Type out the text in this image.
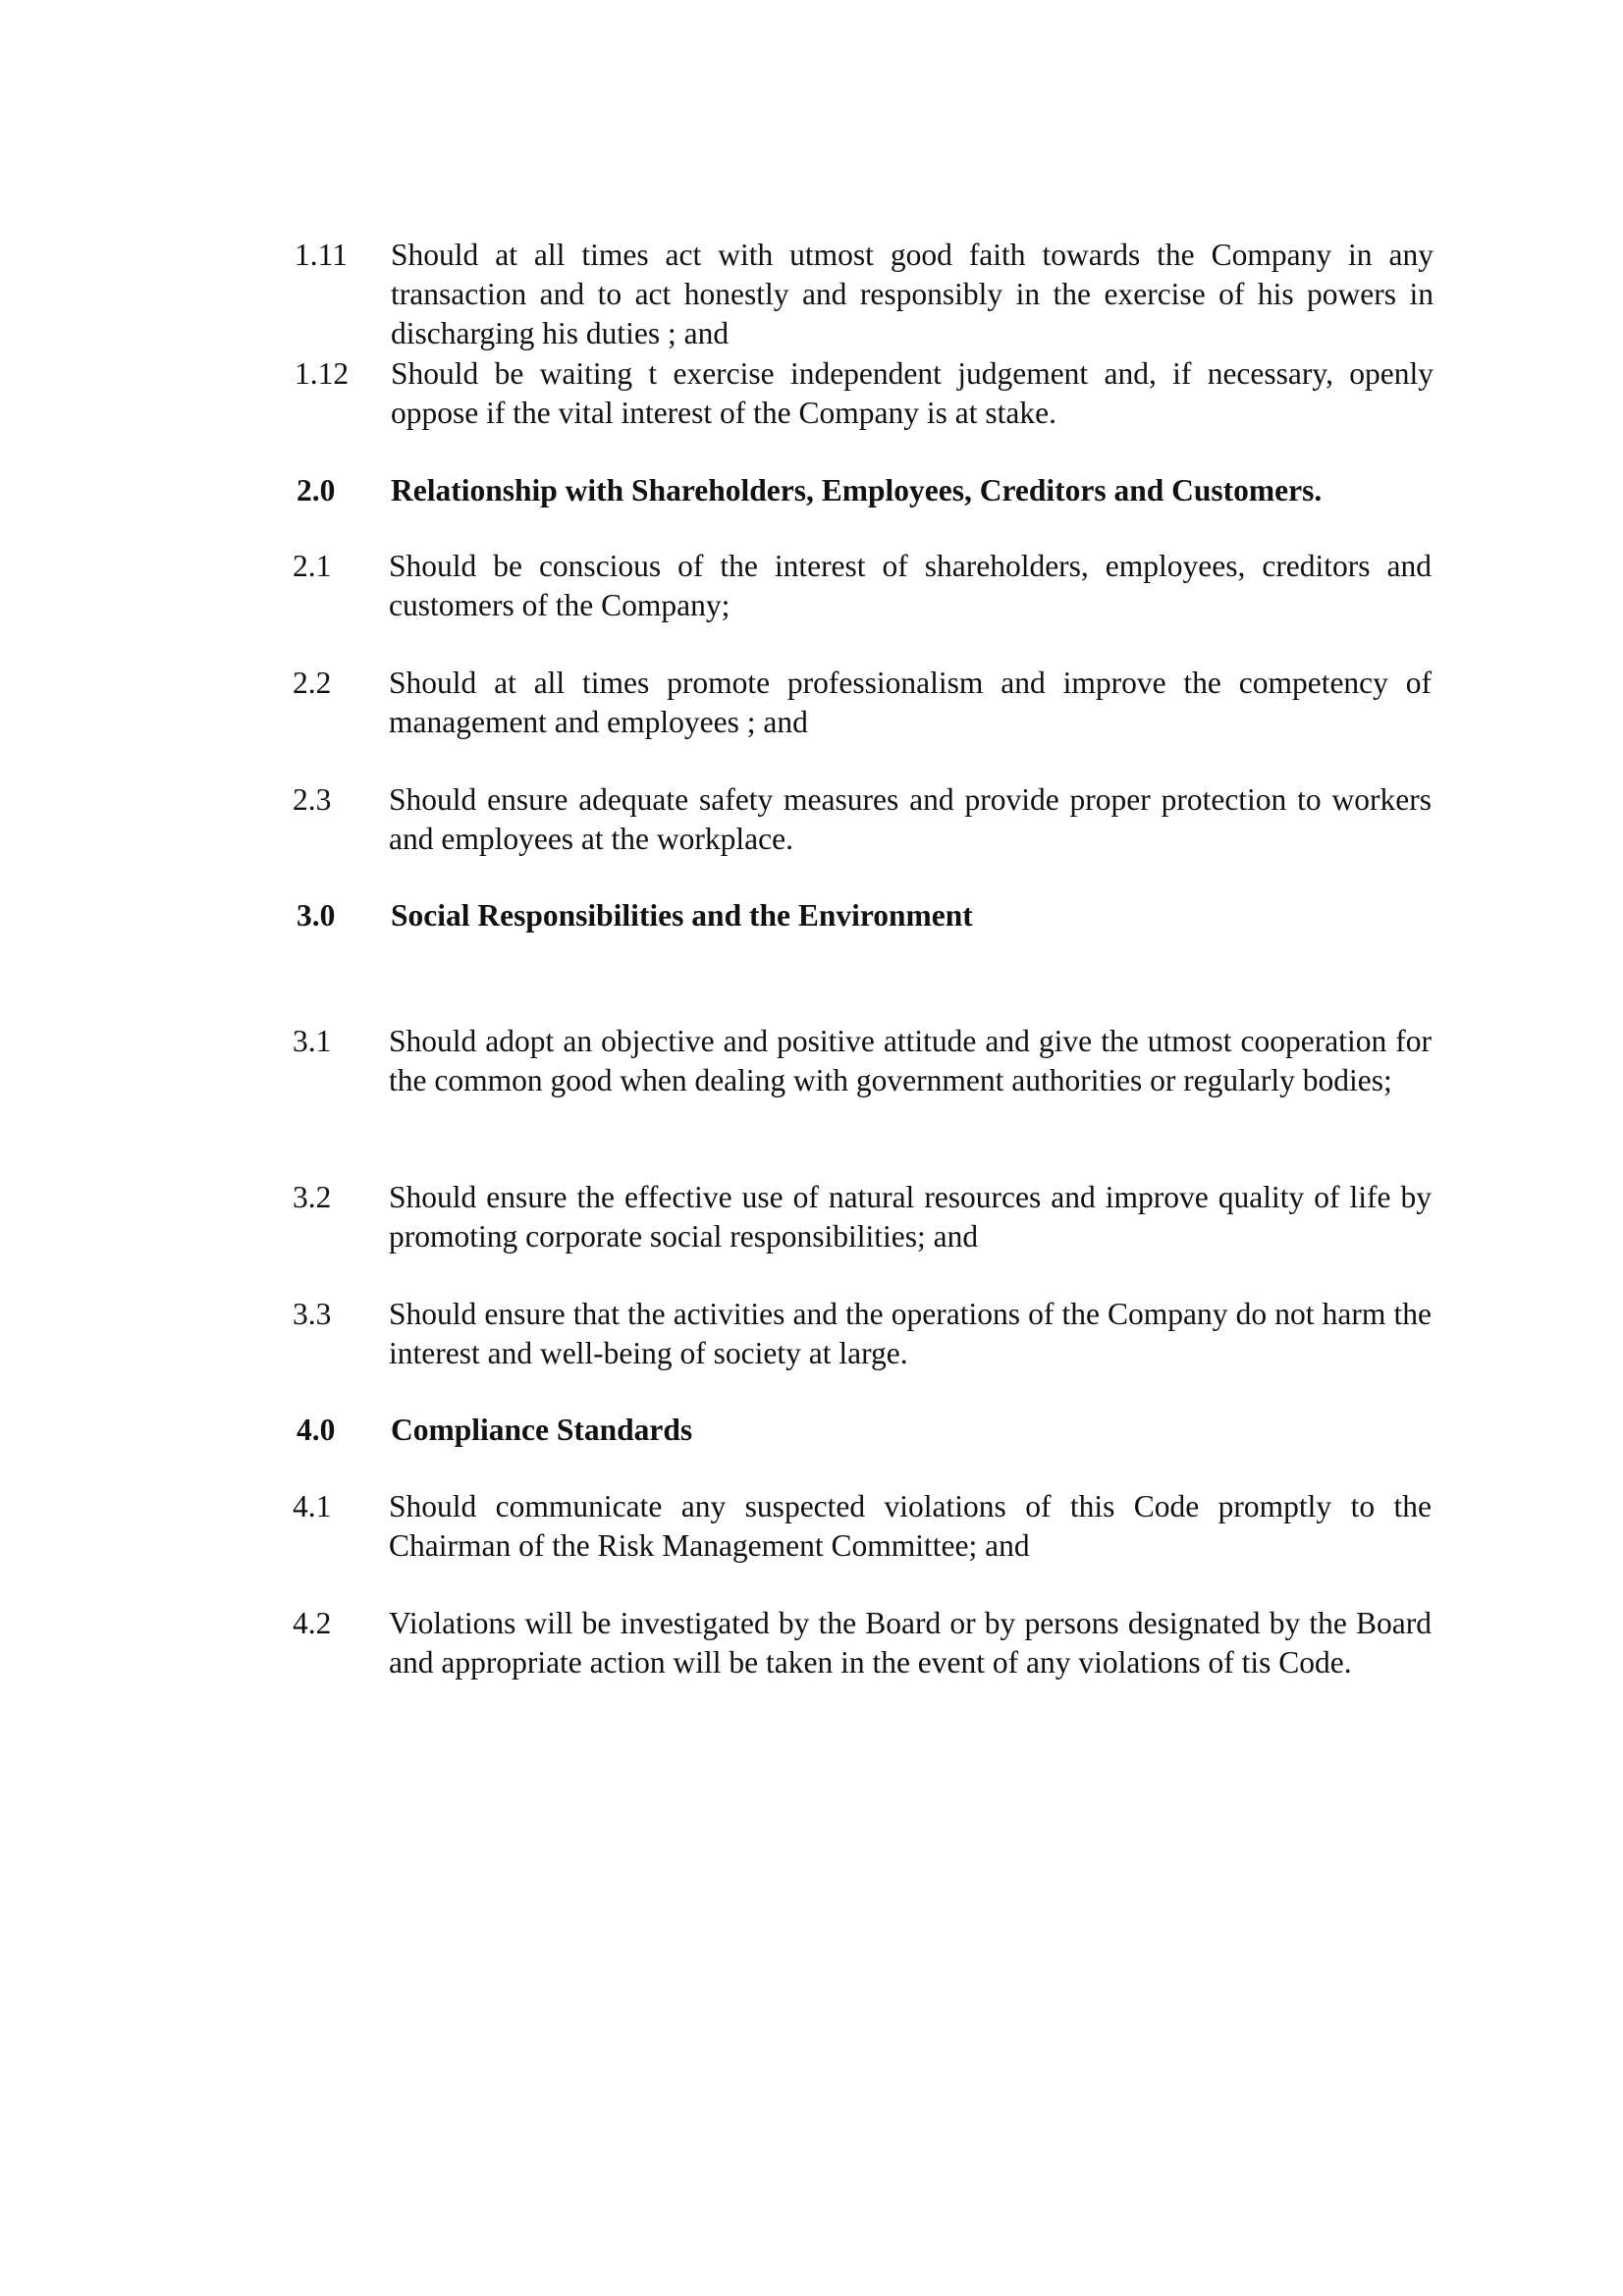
1.11	Should at all times act with utmost good faith towards the Company in any transaction and to act honestly and responsibly in the exercise of his powers in discharging his duties ; and
1.12	Should be waiting t exercise independent judgement and, if necessary, openly oppose if the vital interest of the Company is at stake.
2.0	Relationship with Shareholders, Employees, Creditors and Customers.
2.1	Should be conscious of the interest of shareholders, employees, creditors and customers of the Company;
2.2	Should at all times promote professionalism and improve the competency of management and employees ; and
2.3	Should ensure adequate safety measures and provide proper protection to workers and employees at the workplace.
3.0	Social Responsibilities and the Environment
3.1	Should adopt an objective and positive attitude and give the utmost cooperation for the common good when dealing with government authorities or regularly bodies;
3.2	Should ensure the effective use of natural resources and improve quality of life by promoting corporate social responsibilities; and
3.3	Should ensure that the activities and the operations of the Company do not harm the interest and well-being of society at large.
4.0	Compliance Standards
4.1	Should communicate any suspected violations of this Code promptly to the Chairman of the Risk Management Committee; and
4.2	Violations will be investigated by the Board or by persons designated by the Board and appropriate action will be taken in the event of any violations of tis Code.
